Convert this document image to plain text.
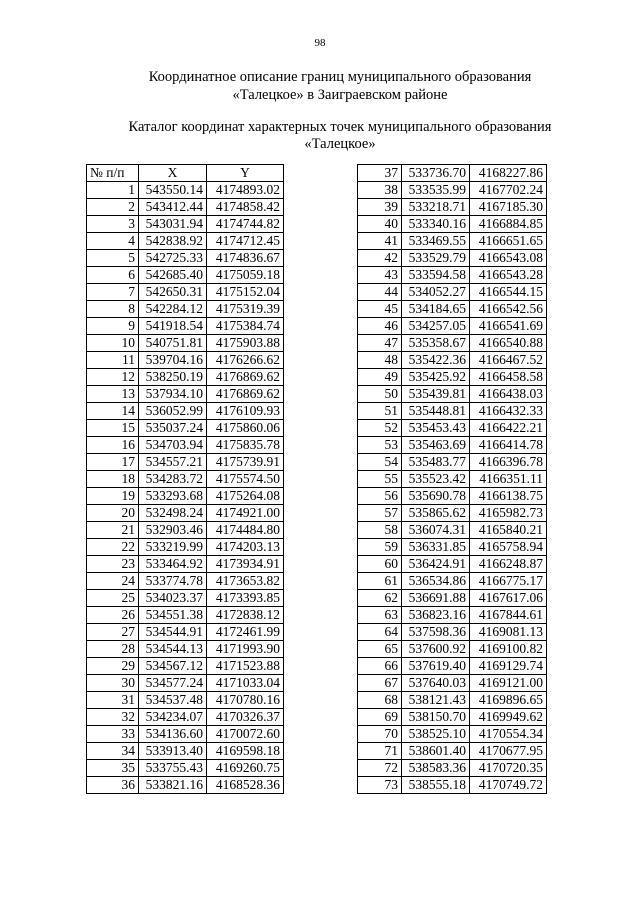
98
Координатное описание границ муниципального образования
«Талецкое» в Заиграевском районе
Каталог координат характерных точек муниципального образования
«Талецкое»
№ п/п	X	Y
1	543550.14	4174893.02
2	543412.44	4174858.42
3	543031.94	4174744.82
4	542838.92	4174712.45
5	542725.33	4174836.67
6	542685.40	4175059.18
7	542650.31	4175152.04
8	542284.12	4175319.39
9	541918.54	4175384.74
10	540751.81	4175903.88
11	539704.16	4176266.62
12	538250.19	4176869.62
13	537934.10	4176869.62
14	536052.99	4176109.93
15	535037.24	4175860.06
16	534703.94	4175835.78
17	534557.21	4175739.91
18	534283.72	4175574.50
19	533293.68	4175264.08
20	532498.24	4174921.00
21	532903.46	4174484.80
22	533219.99	4174203.13
23	533464.92	4173934.91
24	533774.78	4173653.82
25	534023.37	4173393.85
26	534551.38	4172838.12
27	534544.91	4172461.99
28	534544.13	4171993.90
29	534567.12	4171523.88
30	534577.24	4171033.04
31	534537.48	4170780.16
32	534234.07	4170326.37
33	534136.60	4170072.60
34	533913.40	4169598.18
35	533755.43	4169260.75
36	533821.16	4168528.36
37	533736.70	4168227.86
38	533535.99	4167702.24
39	533218.71	4167185.30
40	533340.16	4166884.85
41	533469.55	4166651.65
42	533529.79	4166543.08
43	533594.58	4166543.28
44	534052.27	4166544.15
45	534184.65	4166542.56
46	534257.05	4166541.69
47	535358.67	4166540.88
48	535422.36	4166467.52
49	535425.92	4166458.58
50	535439.81	4166438.03
51	535448.81	4166432.33
52	535453.43	4166422.21
53	535463.69	4166414.78
54	535483.77	4166396.78
55	535523.42	4166351.11
56	535690.78	4166138.75
57	535865.62	4165982.73
58	536074.31	4165840.21
59	536331.85	4165758.94
60	536424.91	4166248.87
61	536534.86	4166775.17
62	536691.88	4167617.06
63	536823.16	4167844.61
64	537598.36	4169081.13
65	537600.92	4169100.82
66	537619.40	4169129.74
67	537640.03	4169121.00
68	538121.43	4169896.65
69	538150.70	4169949.62
70	538525.10	4170554.34
71	538601.40	4170677.95
72	538583.36	4170720.35
73	538555.18	4170749.72
